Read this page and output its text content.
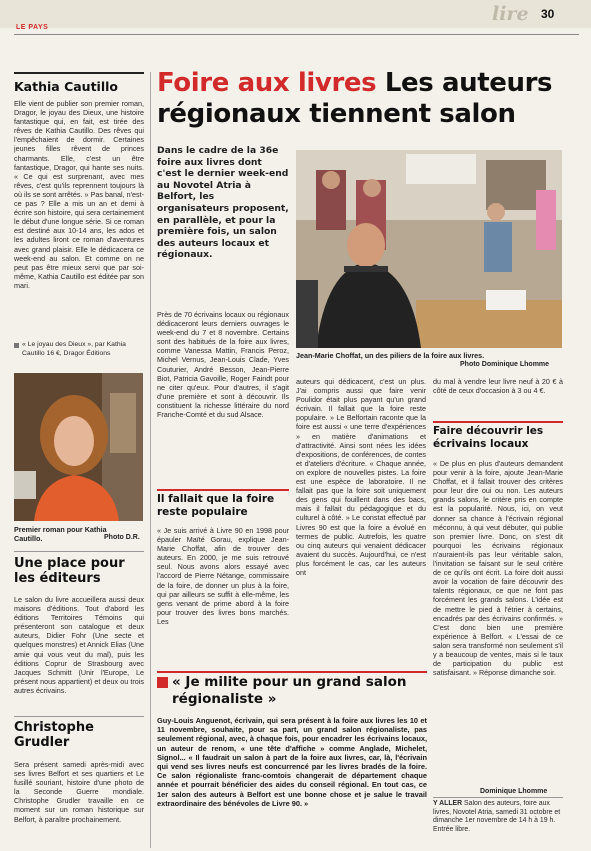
lire 30
LE PAYS
Kathia Cautillo
Elle vient de publier son premier roman, Dragor, le joyau des Dieux, une histoire fantastique qui, en fait, est tirée des rêves de Kathia Cautillo. Des rêves qui l'empêchaient de dormir. Certaines jeunes filles rêvent de princes charmants. Elle, c'est un être fantastique, Dragor, qui hante ses nuits. « Ce qui est surprenant, avec mes rêves, c'est qu'ils reprennent toujours là où ils se sont arrêtés. » Pas banal, n'est-ce pas ? Elle a mis un an et demi à écrire son histoire, qui sera certainement le début d'une longue série. Si ce roman est destiné aux 10-14 ans, les ados et les adultes liront ce roman d'aventures avec grand plaisir. Elle le dédicacera ce week-end au salon. Et comme on ne peut pas être mieux servi que par soi-même, Kathia Cautillo est éditée par son mari.
« Le joyau des Dieux », par Kathia Cautillo 16 €, Dragor Éditions
Premier roman pour Kathia Cautillo.	Photo D.R.
Une place pour les éditeurs
Le salon du livre accueillera aussi deux maisons d'éditions. Tout d'abord les éditions Territoires Témoins qui présenteront son catalogue et deux auteurs, Didier Fohr (Une secte et quelques monstres) et Annick Elias (Une amie qui vous veut du mal), puis les éditions Coprur de Strasbourg avec Jacques Schmitt (Unir l'Europe, Le présent nous appartient) et deux ou trois autres écrivains.
Christophe Grudler
Sera présent samedi après-midi avec ses livres Belfort et ses quartiers et Le fusillé souriant, histoire d'une photo de la Seconde Guerre mondiale. Christophe Grudler travaille en ce moment sur un roman historique sur Belfort, à paraître prochainement.
Foire aux livres Les auteurs régionaux tiennent salon
Dans le cadre de la 36e foire aux livres dont c'est le dernier week-end au Novotel Atria à Belfort, les organisateurs proposent, en parallèle, et pour la première fois, un salon des auteurs locaux et régionaux.
Jean-Marie Choffat, un des piliers de la foire aux livres.
Photo Dominique Lhomme
Près de 70 écrivains locaux ou régionaux dédicaceront leurs derniers ouvrages le week-end du 7 et 8 novembre. Certains sont des habitués de la foire aux livres, comme Vanessa Mattin, Francis Peroz, Michel Vernus, Jean-Louis Clade, Yves Couturier, André Besson, Jean-Pierre Biot, Patricia Gavoille, Roger Faindt pour ne citer qu'eux. Pour d'autres, il s'agit d'une première et sont à découvrir. Ils constituent la richesse littéraire du nord Franche-Comté et du sud Alsace.
Il fallait que la foire reste populaire
« Je suis arrivé à Livre 90 en 1998 pour épauler Maïté Gorau, explique Jean-Marie Choffat, afin de trouver des auteurs. En 2000, je me suis retrouvé seul. Nous avons alors essayé avec l'accord de Pierre Nétange, commissaire de la foire, de donner un plus à la foire, qui par ailleurs se suffit à elle-même, les gens venant de prime abord à la foire pour trouver des livres bons marchés. Les
auteurs qui dédicacent, c'est un plus. J'ai compris aussi que faire venir Poulidor était plus payant qu'un grand écrivain. Il fallait que la foire reste populaire. » Le Belfortain raconte que la foire est aussi « une terre d'expériences » en matière d'animations et d'attractivité. Ainsi sont nées les idées d'expositions, de conférences, de contes et d'ateliers d'écriture. « Chaque année, on explore de nouvelles pistes. La foire est une espèce de laboratoire. Il ne fallait pas que la foire soit uniquement des gens qui fouillent dans des bacs, mais il fallait du pédagogique et du culturel à côté. » Le constat effectué par Livres 90 est que la foire a évolué en termes de public. Autrefois, les quatre ou cinq auteurs qui venaient dédicacer avaient du succès. Aujourd'hui, ce n'est plus forcément le cas, car les auteurs ont
du mal à vendre leur livre neuf à 20 € à côté de ceux d'occasion à 3 ou 4 €.
Faire découvrir les écrivains locaux
« De plus en plus d'auteurs demandent pour venir à la foire, ajoute Jean-Marie Choffat, et il fallait trouver des critères pour leur dire oui ou non. Les auteurs grands salons, le critère pris en compte est la popularité. Nous, ici, on veut donner sa chance à l'écrivain régional méconnu, à qui veut débuter, qui publie son premier livre. Donc, on s'est dit pourquoi les écrivains régionaux n'auraient-ils pas leur véritable salon, l'invitation se faisant sur le seul critère de ce qu'ils ont écrit. La foire doit aussi avoir la vocation de faire découvrir des talents régionaux, ce que ne font pas forcément les grands salons. L'idée est de mettre le pied à l'étrier à certains, encadrés par des écrivains confirmés. » C'est donc bien une première expérience à Belfort. « L'essai de ce salon sera transformé non seulement s'il y a beaucoup de ventes, mais si le taux de participation du public est satisfaisant. » Réponse dimanche soir.
Dominique Lhomme
Y ALLER Salon des auteurs, foire aux livres, Novotel Atria, samedi 31 octobre et dimanche 1er novembre de 14 h à 19 h. Entrée libre.
« Je milite pour un grand salon régionaliste »
Guy-Louis Anguenot, écrivain, qui sera présent à la foire aux livres les 10 et 11 novembre, souhaite, pour sa part, un grand salon régionaliste, pas seulement régional, avec, à chaque fois, pour encadrer les écrivains locaux, un auteur de renom, « une tête d'affiche » comme Anglade, Michelet, Signol... « Il faudrait un salon à part de la foire aux livres, car, là, l'écrivain qui vend ses livres neufs est concurrencé par les livres bradés de la foire. Ce salon régionaliste franc-comtois changerait de département chaque année et pourrait bénéficier des aides du conseil régional. En tout cas, ce 1er salon des auteurs à Belfort est une bonne chose et je salue le travail extraordinaire des bénévoles de Livre 90. »
